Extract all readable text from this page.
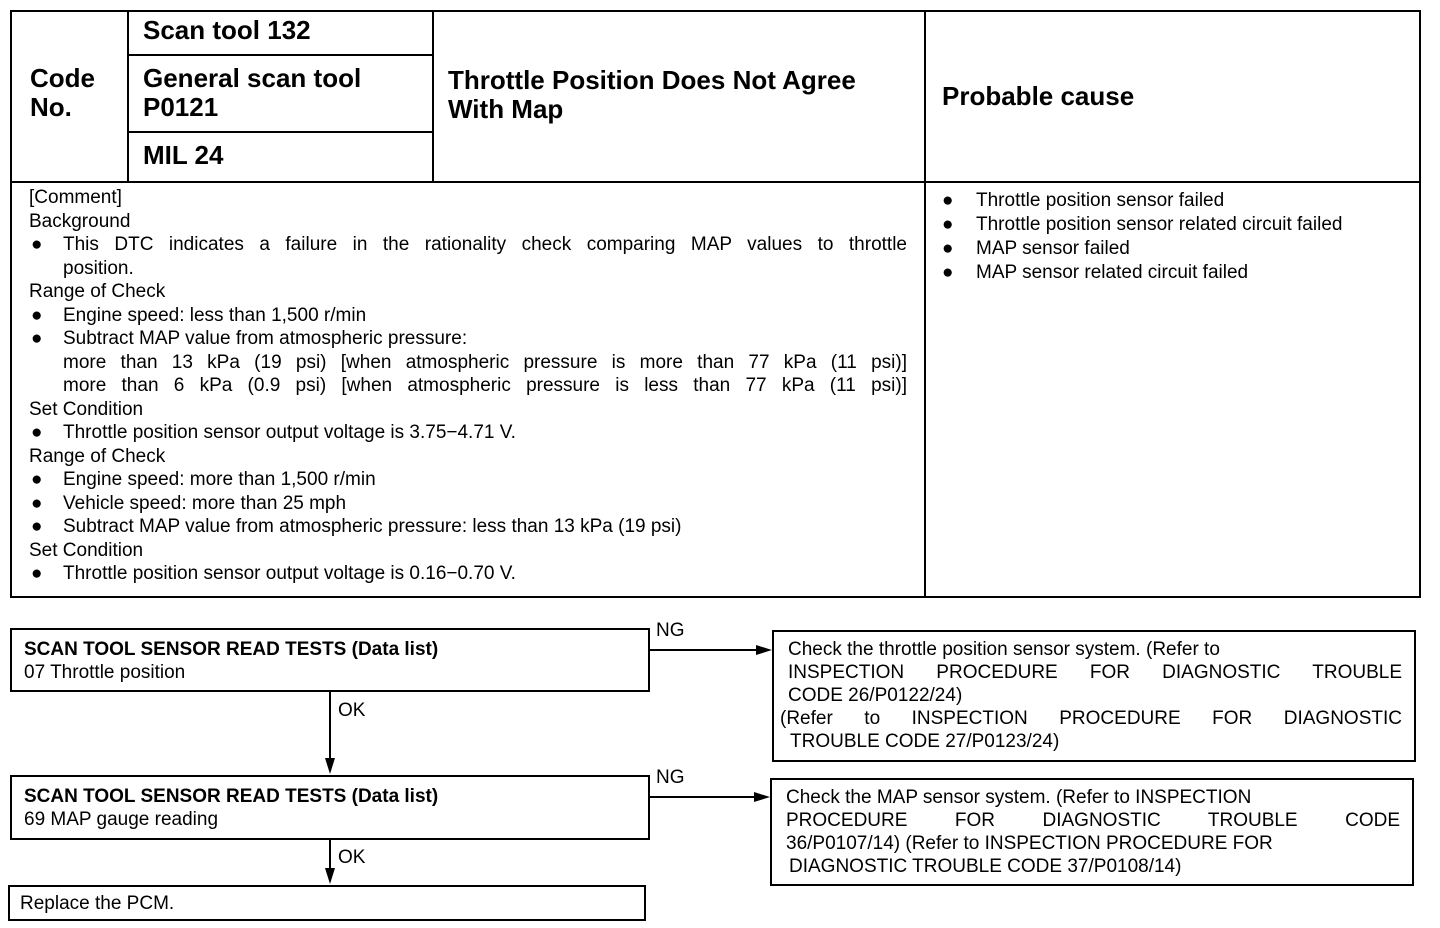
Code No.
Scan tool 132
General scan tool P0121
MIL 24
Throttle Position Does Not Agree With Map	Probable cause
[Comment]
Background
● This DTC indicates a failure in the rationality check comparing MAP values to throttle
position.
Range of Check
● Engine speed: less than 1,500 r/min
● Subtract MAP value from atmospheric pressure:
more than 13 kPa (19 psi) [when atmospheric pressure is more than 77 kPa (11 psi)]
more than 6 kPa (0.9 psi) [when atmospheric pressure is less than 77 kPa (11 psi)]
Set Condition
● Throttle position sensor output voltage is 3.75−4.71 V.
Range of Check
● Engine speed: more than 1,500 r/min
● Vehicle speed: more than 25 mph
● Subtract MAP value from atmospheric pressure: less than 13 kPa (19 psi)
Set Condition
● Throttle position sensor output voltage is 0.16−0.70 V.
● Throttle position sensor failed
● Throttle position sensor related circuit failed
● MAP sensor failed
● MAP sensor related circuit failed
SCAN TOOL SENSOR READ TESTS (Data list)
07 Throttle position
SCAN TOOL SENSOR READ TESTS (Data list)
69 MAP gauge reading
Replace the PCM.
NG
NG
OK
OK
Check the throttle position sensor system. (Refer to
INSPECTION PROCEDURE FOR DIAGNOSTIC TROUBLE
CODE 26/P0122/24)
(Refer to INSPECTION PROCEDURE FOR DIAGNOSTIC
TROUBLE CODE 27/P0123/24)
Check the MAP sensor system. (Refer to INSPECTION
PROCEDURE FOR DIAGNOSTIC TROUBLE CODE
36/P0107/14) (Refer to INSPECTION PROCEDURE FOR
DIAGNOSTIC TROUBLE CODE 37/P0108/14)
